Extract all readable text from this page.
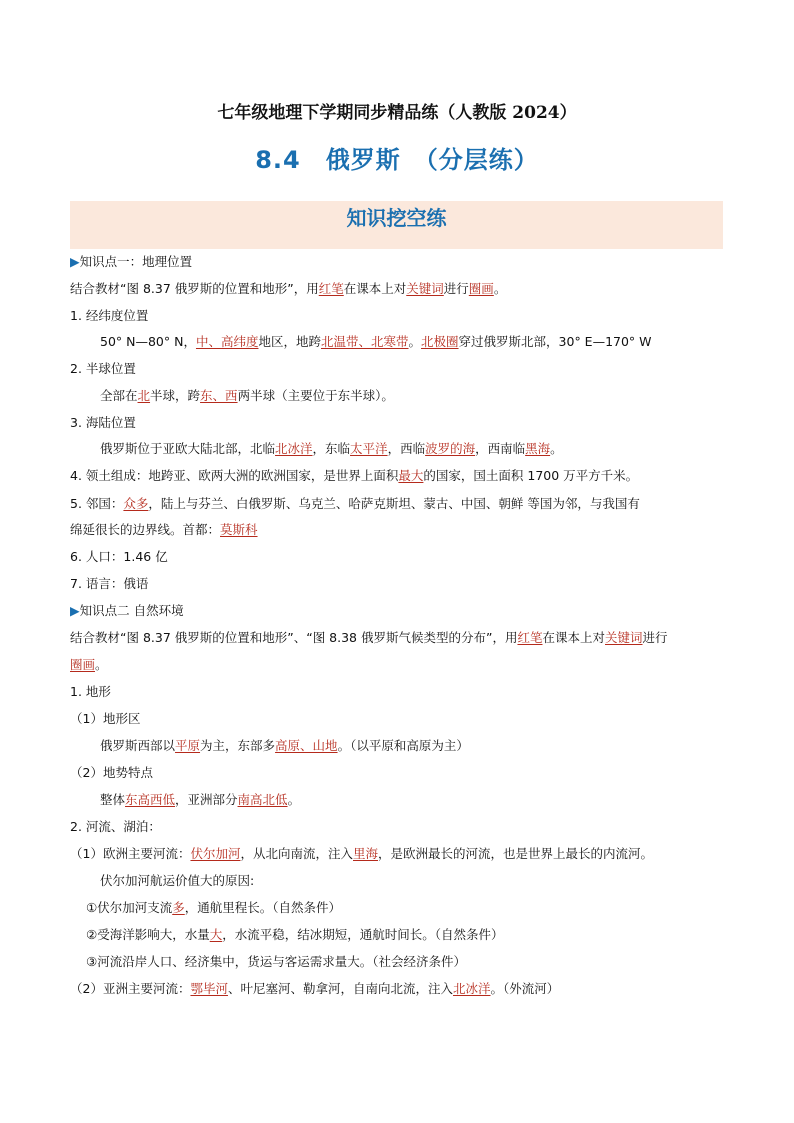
七年级地理下学期同步精品练（人教版 2024）
8.4　俄罗斯　（分层练）
知识挖空练
▶知识点一：地理位置
结合教材“图 8.37 俄罗斯的位置和地形”，用红笔在课本上对关键词进行圈画。
1. 经纬度位置
50° N—80° N，中、高纬度地区，地跨北温带、北寒带。北极圈穿过俄罗斯北部，30° E—170° W
2. 半球位置
全部在北半球，跨东、西两半球（主要位于东半球）。
3. 海陆位置
俄罗斯位于亚欧大陆北部，北临北冰洋，东临太平洋，西临波罗的海，西南临黑海。
4. 领土组成：地跨亚、欧两大洲的欧洲国家，是世界上面积最大的国家，国土面积 1700 万平方千米。
5. 邻国：众多，陆上与芬兰、白俄罗斯、乌克兰、哈萨克斯坦、蒙古、中国、朝鲜 等国为邻，与我国有
绵延很长的边界线。首都：莫斯科
6. 人口：1.46 亿
7. 语言：俄语
▶知识点二 自然环境
结合教材“图 8.37 俄罗斯的位置和地形”、“图 8.38 俄罗斯气候类型的分布”，用红笔在课本上对关键词进行
圈画。
1. 地形
（1）地形区
俄罗斯西部以平原为主，东部多高原、山地。（以平原和高原为主）
（2）地势特点
整体东高西低，亚洲部分南高北低。
2. 河流、湖泊：
（1）欧洲主要河流：伏尔加河，从北向南流，注入里海，是欧洲最长的河流，也是世界上最长的内流河。
伏尔加河航运价值大的原因:
①伏尔加河支流多，通航里程长。（自然条件）
②受海洋影响大，水量大，水流平稳，结冰期短，通航时间长。（自然条件）
③河流沿岸人口、经济集中，货运与客运需求量大。（社会经济条件）
（2）亚洲主要河流：鄂毕河、叶尼塞河、勒拿河，自南向北流，注入北冰洋。（外流河）
